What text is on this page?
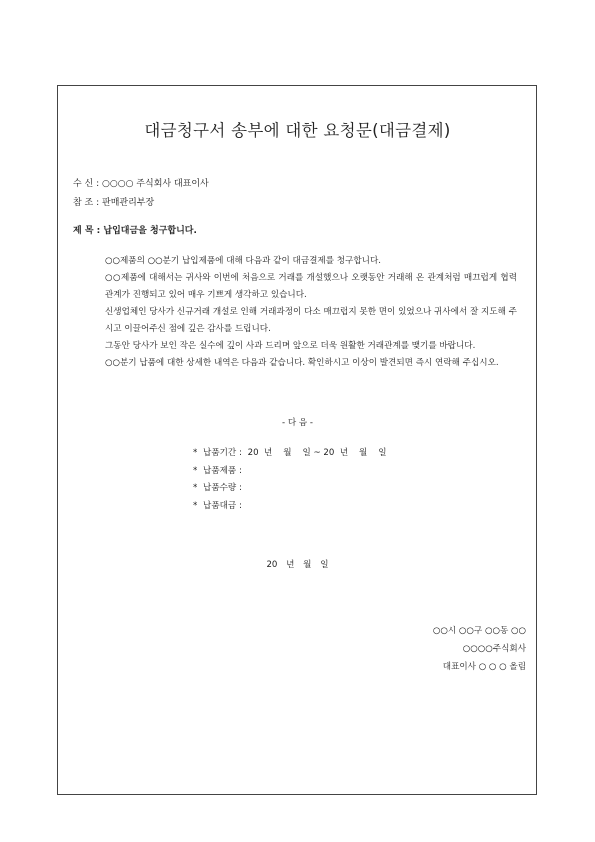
대금청구서 송부에 대한 요청문(대금결제)
수 신 : ○○○○ 주식회사 대표이사
참 조 : 판매관리부장
제 목 : 납입대금을 청구합니다.

○○제품의 ○○분기 납입제품에 대해 다음과 같이 대금결제를 청구합니다.

○○제품에 대해서는 귀사와 이번에 처음으로 거래를 개설했으나 오랫동안 거래해 온 관계처럼 매끄럽게 협력관계가 진행되고 있어 매우 기쁘게 생각하고 있습니다.

신생업체인 당사가 신규거래 개설로 인해 거래과정이 다소 매끄럽지 못한 면이 있었으나 귀사에서 잘 지도해 주시고 이끌어주신 점에 깊은 감사를 드립니다.

그동안 당사가 보인 작은 실수에 깊이 사과 드리며 앞으로 더욱 원활한 거래관계를 맺기를 바랍니다.

○○분기 납품에 대한 상세한 내역은 다음과 같습니다. 확인하시고 이상이 발견되면 즉시 연락해 주십시오.

- 다 음 -
* 납품기간 : 20  년    월    일 ~ 20  년    월    일
* 납품제품 :
* 납품수량 :
* 납품대금 :
20 년 월 일
○○시 ○○구 ○○동 ○○
○○○○주식회사
대표이사 ○ ○ ○ 올림
